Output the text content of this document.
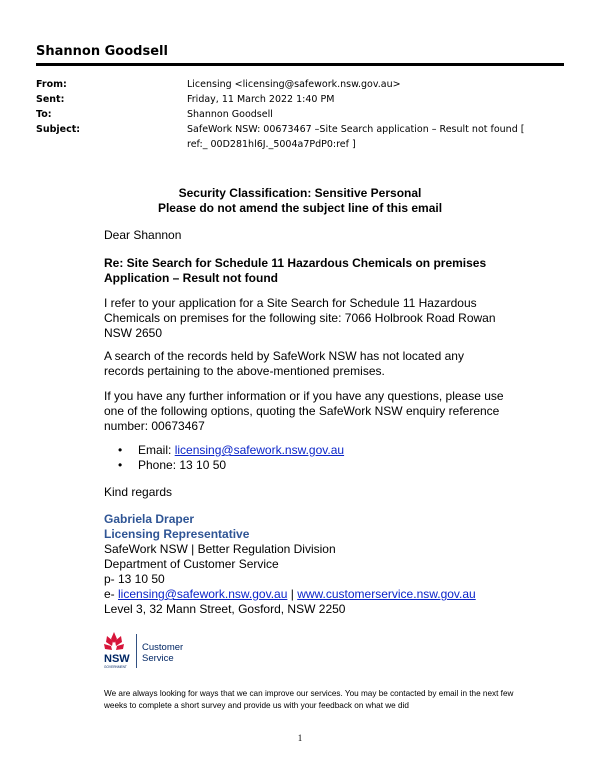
Shannon Goodsell
From:	Licensing <licensing@safework.nsw.gov.au>
Sent:	Friday, 11 March 2022 1:40 PM
To:	Shannon Goodsell
Subject:	SafeWork NSW: 00673467 –Site Search application – Result not found [ ref:_ 00D281hl6J._5004a7PdP0:ref ]
Security Classification: Sensitive Personal
Please do not amend the subject line of this email
Dear Shannon
Re: Site Search for Schedule 11 Hazardous Chemicals on premises Application – Result not found
I refer to your application for a Site Search for Schedule 11 Hazardous Chemicals on premises for the following site: 7066 Holbrook Road Rowan NSW 2650
A search of the records held by SafeWork NSW has not located any records pertaining to the above-mentioned premises.
If you have any further information or if you have any questions, please use one of the following options, quoting the SafeWork NSW enquiry reference number: 00673467
• Email: licensing@safework.nsw.gov.au
• Phone: 13 10 50
Kind regards
Gabriela Draper
Licensing Representative
SafeWork NSW | Better Regulation Division
Department of Customer Service
p- 13 10 50
e- licensing@safework.nsw.gov.au | www.customerservice.nsw.gov.au
Level 3, 32 Mann Street, Gosford, NSW 2250
NSW
GOVERNMENT
Customer
Service
We are always looking for ways that we can improve our services. You may be contacted by email in the next few weeks to complete a short survey and provide us with your feedback on what we did
1
